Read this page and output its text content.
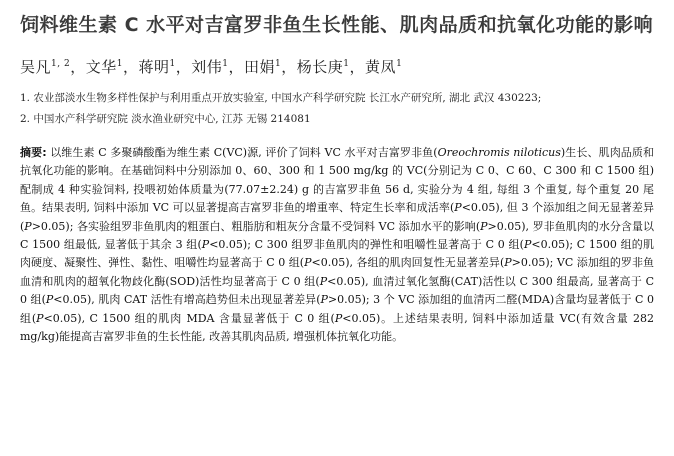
饲料维生素 C 水平对吉富罗非鱼生长性能、肌肉品质和抗氧化功能的影响
吴凡$^{1, 2}$，文华$^1$，蒋明$^1$，刘伟$^1$，田娟$^1$，杨长庚$^1$，黄凤$^1$
1. 农业部淡水生物多样性保护与利用重点开放实验室, 中国水产科学研究院 长江水产研究所, 湖北 武汉 430223;
2. 中国水产科学研究院 淡水渔业研究中心, 江苏 无锡 214081
摘要: 以维生素 C 多聚磷酸酯为维生素 C(VC)源, 评价了饲料 VC 水平对吉富罗非鱼(Oreochromis niloticus)生长、肌肉品质和抗氧化功能的影响。在基础饲料中分别添加 0、60、300 和 1 500 mg/kg 的 VC(分别记为 C 0、C 60、C 300 和 C 1500 组)配制成 4 种实验饲料, 投喂初始体质量为(77.07±2.24) g 的吉富罗非鱼 56 d, 实验分为 4 组, 每组 3 个重复, 每个重复 20 尾鱼。结果表明, 饲料中添加 VC 可以显著提高吉富罗非鱼的增重率、特定生长率和成活率(P<0.05), 但 3 个添加组之间无显著差异(P>0.05); 各实验组罗非鱼肌肉的粗蛋白、粗脂肪和粗灰分含量不受饲料 VC 添加水平的影响(P>0.05), 罗非鱼肌肉的水分含量以 C 1500 组最低, 显著低于其余 3 组(P<0.05); C 300 组罗非鱼肌肉的弹性和咀嚼性显著高于 C 0 组(P<0.05); C 1500 组的肌肉硬度、凝聚性、弹性、黏性、咀嚼性均显著高于 C 0 组(P<0.05), 各组的肌肉回复性无显著差异(P>0.05); VC 添加组的罗非鱼血清和肌肉的超氧化物歧化酶(SOD)活性均显著高于 C 0 组(P<0.05), 血清过氧化氢酶(CAT)活性以 C 300 组最高, 显著高于 C 0 组(P<0.05), 肌肉 CAT 活性有增高趋势但未出现显著差异(P>0.05); 3 个 VC 添加组的血清丙二醛(MDA)含量均显著低于 C 0 组(P<0.05), C 1500 组的肌肉 MDA 含量显著低于 C 0 组(P<0.05)。上述结果表明, 饲料中添加适量 VC(有效含量 282 mg/kg)能提高吉富罗非鱼的生长性能, 改善其肌肉品质, 增强机体抗氧化功能。
